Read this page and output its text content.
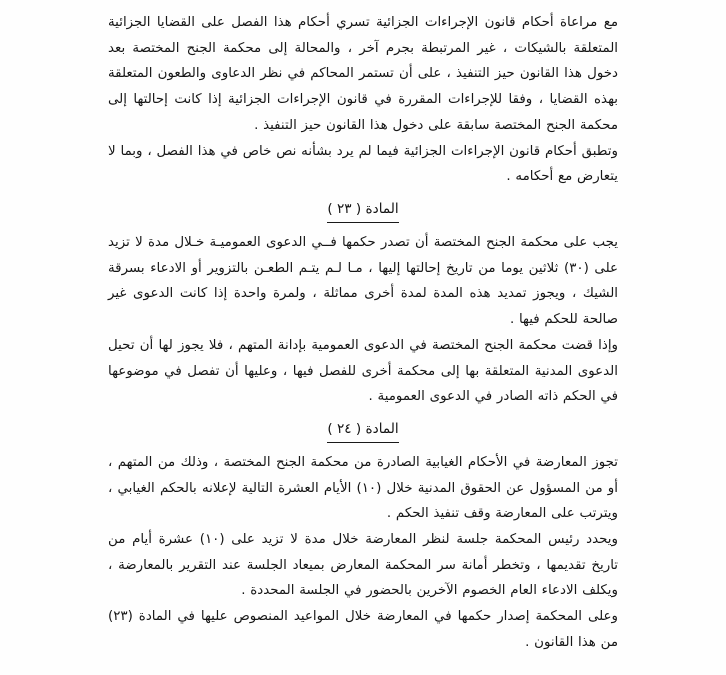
مع مراعاة أحكام قانون الإجراءات الجزائية تسري أحكام هذا الفصل على القضايا الجزائية المتعلقة بالشيكات ، غير المرتبطة بجرم آخر ، والمحالة إلى محكمة الجنح المختصة بعد دخول هذا القانون حيز التنفيذ ، على أن تستمر المحاكم في نظر الدعاوى والطعون المتعلقة بهذه القضايا ، وفقا للإجراءات المقررة في قانون الإجراءات الجزائية إذا كانت إحالتها إلى محكمة الجنح المختصة سابقة على دخول هذا القانون حيز التنفيذ .

وتطبق أحكام قانون الإجراءات الجزائية فيما لم يرد بشأنه نص خاص في هذا الفصل ، وبما لا يتعارض مع أحكامه .

المادة ( ٢٣ )

يجب على محكمة الجنح المختصة أن تصدر حكمها فــي الدعوى العموميـة خـلال مدة لا تزيد على (٣٠) ثلاثين يوما من تاريخ إحالتها إليها ، مـا لـم يتـم الطعـن بالتزوير أو الادعاء بسرقة الشيك ، ويجوز تمديد هذه المدة لمدة أخرى مماثلة ، ولمرة واحدة إذا كانت الدعوى غير صالحة للحكم فيها .

وإذا قضت محكمة الجنح المختصة في الدعوى العمومية بإدانة المتهم ، فلا يجوز لها أن تحيل الدعوى المدنية المتعلقة بها إلى محكمة أخرى للفصل فيها ، وعليها أن تفصل في موضوعها في الحكم ذاته الصادر في الدعوى العمومية .

المادة ( ٢٤ )

تجوز المعارضة في الأحكام الغيابية الصادرة من محكمة الجنح المختصة ، وذلك من المتهم ، أو من المسؤول عن الحقوق المدنية خلال (١٠) الأيام العشرة التالية لإعلانه بالحكم الغيابي ، ويترتب على المعارضة وقف تنفيذ الحكم .

ويحدد رئيس المحكمة جلسة لنظر المعارضة خلال مدة لا تزيد على (١٠) عشرة أيام من تاريخ تقديمها ، وتخطر أمانة سر المحكمة المعارض بميعاد الجلسة عند التقرير بالمعارضة ، ويكلف الادعاء العام الخصوم الآخرين بالحضور في الجلسة المحددة .

وعلى المحكمة إصدار حكمها في المعارضة خلال المواعيد المنصوص عليها في المادة (٢٣) من هذا القانون .
